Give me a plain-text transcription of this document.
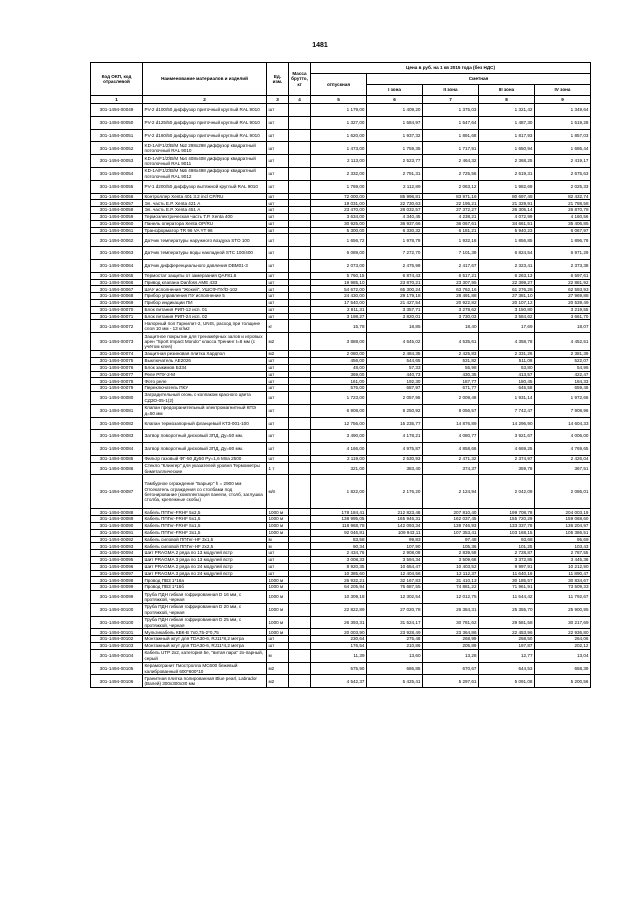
1481
Код ОКП, код отраслевой	Наименование материалов и изделий	Ед. изм.	Масса брутто, кг	Цена в руб. на 1 кв 2015 года (без НДС)				
				отпускная	Сметная			
					I зона	II зона	III зона	IV зона
1	2	3	4	5	6	7	8	9
301-1494-00049	PV-2 d100/50 диффузор приточный круглый RAL 9010	шт		1 179,00	1 409,20	1 375,03	1 321,42	1 349,64
301-1494-00050	PV-2 d125/50 диффузор приточный круглый RAL 9010	шт		1 327,00	1 584,97	1 547,64	1 487,30	1 519,28
301-1494-00051	PV-2 d160/50 диффузор приточный круглый RAL 9010	шт		1 620,00	1 937,32	1 891,68	1 817,93	1 857,03
301-1494-00052	KD-1A/F1/Z/B/M №2 298х298 диффузор квадратный потолочный RAL 9010	шт		1 473,00	1 759,35	1 717,91	1 650,94	1 686,44
301-1494-00053	KD-1A/F1/Z/B/M №4 408х408 диффузор квадратный потолочный RAL 9011	шт		2 113,00	2 523,77	2 464,32	2 368,25	2 419,17
301-1494-00054	KD-1A/F1/Z/B/M №5 498х498 диффузор квадратный потолочный RAL 9012	шт		2 332,00	2 791,31	2 725,56	2 619,31	2 675,63
301-1494-00055	PV-1 d200/50 диффузор вытяжной круглый RAL 9010	шт		1 769,00	2 112,89	2 063,12	1 982,69	2 025,33
301-1494-00056	Контроллер Xenta 401 3.2 incl CP/RU	шт		72 000,00	85 996,81	83 971,16	80 697,48	82 432,74
301-1494-00057	Эл. часть Е.Р. Xenta 421 А	шт		19 031,00	22 730,63	22 195,21	21 329,91	21 788,58
301-1494-00058	Эл. часть Е.Р. Xenta 451 А	шт		23 470,00	28 032,57	27 372,27	26 305,14	26 870,78
301-1494-00059	Термоэлектрическая часть Т.Р. Xenta 400	шт		3 634,00	4 340,45	4 238,21	4 072,99	4 160,56
301-1494-00060	Панель оператора Xenta OP/RU	шт		30 925,00	36 937,66	36 067,61	34 661,51	35 406,85
301-1494-00061	Трансформатор TR 96 VA YT 96	шт		5 300,00	6 330,32	6 181,21	5 940,23	6 067,97
301-1494-00062	Датчик температуры наружного воздуха STO 100	шт		1 656,72	1 978,79	1 932,18	1 856,85	1 896,78
301-1494-00063	Датчик температуры воды накладной STC 100/400	шт		6 089,00	7 272,70	7 101,39	6 824,54	6 971,29
301-1494-00064	Датчик дифференциального давления DBM01-3	шт		2 073,00	2 475,99	2 417,67	2 323,41	2 373,38
301-1494-00065	Термостат защиты от замерзания QAF81.6	шт		5 760,15	6 874,43	6 517,21	6 263,13	6 597,61
301-1494-00066	Привод клапана Danfoss AME 433	шт		19 985,10	23 870,21	23 307,95	22 399,27	22 881,92
301-1494-00067	ШАУ исполнения "Жокей", УШСФ-ПУ/D-102	шт		54 672,00	65 300,24	63 762,16	61 276,28	62 593,93
301-1494-00068	Прибор управления ПУ исполнение 5	шт		24 430,00	29 179,18	28 491,88	27 381,10	27 969,88
301-1494-00069	Прибор индикации ПИ	шт		17 540,00	21 427,54	20 922,82	20 107,12	20 539,49
301-1494-00070	Блок питания РИП-12 исп. 01	шт		2 811,31	3 357,71	3 278,62	3 150,80	3 219,55
301-1494-00071	Блок питания РИП-24 исп. 02	шт		3 198,27	3 820,01	3 730,03	3 584,62	3 661,70
301-1494-00072	Напорный пол Гарнилит-2, UNIS, расход при толщине слоя 10 мм - 13 кг/м2	кг		15,78	18,85	18,40	17,69	18,07
301-1494-00073	Защитное покрытие для тренажёрных залов и игровых арен "Sport Impact Mondo" класса Тренинг t=8 мм (с учётом клея)	м2		3 888,00	4 645,02	4 535,61	4 358,78	4 452,51
301-1494-00074	Защитная резиновая плитка Хардпол	м2		2 080,00	2 484,35	2 425,83	2 331,26	2 381,39
301-1494-00075	Выключатель АЕ2026	шт		456,00	544,65	531,82	511,08	522,07
301-1494-00076	Блок зажимов Б334	шт		48,00	57,33	55,98	53,80	54,96
301-1494-00077	Реле РПУ-2-М	шт		369,00	440,73	430,35	413,57	422,47
301-1494-00078	Фото реле	шт		161,00	192,30	187,77	180,45	184,33
301-1494-00079	Переключатель ПКУ	шт		576,00	687,97	671,77	645,58	659,46
301-1494-00080	Заградительный огонь с колпаком красного цвета СДЗО-05-1(2)	шт		1 723,00	2 057,95	2 009,48	1 931,14	1 972,66
301-1494-00081	Клапан предохранительный электромагнитный КПЭ д=50 мм	шт		6 908,00	8 250,92	8 056,57	7 742,47	7 908,96
301-1494-00082	Клапан термозапорный фланцевый КТЗ-001-100	шт		12 756,00	15 235,77	14 876,89	14 296,90	14 604,33
301-1494-00083	Затвор поворотный дисковый ЗПД, Ду=50 мм.	шт		3 490,00	4 178,21	4 080,77	3 921,67	4 006,00
301-1494-00084	Затвор поворотный дисковый ЗПД, Ду=80 мм.	шт		4 166,00	4 975,87	4 858,66	4 669,25	4 769,65
301-1494-00085	Фильтр газовый ФГ-50 Ду50 Ру=1,6 Мпа 2500	шт		2 119,00	2 530,93	2 471,32	2 374,97	2 426,04
301-1494-00086	Стекло "Клингер" для указателей уровня Термометры биметаллические	1 т		321,00	383,40	374,37	359,78	367,51
301-1494-00087	Тамбурное ограждение "Барьер" h = 2900 мм Отсекатель ограждения со столбами под бетонирование (комплектация панели, столб, заглушка столба, крепежные скобы)	м/п		1 822,00	2 176,20	2 124,94	2 042,09	2 086,01
301-1494-00088	Кабель ППГнг-FRHF 5х2,5	1000 м		178 184,41	212 823,48	207 810,40	199 708,78	204 003,19
301-1494-00089	Кабель ППГнг-FRHF 5х1,5	1000 м		138 995,05	165 946,31	162 037,45	155 720,29	159 068,60
301-1494-00090	Кабель ППГнг-FRHF 5х1,5	1000 м		118 968,78	142 093,34	138 746,93	133 337,78	136 204,97
301-1494-00091	Кабель ППГнг-FRHF 3х1,5	1000 м		92 046,81	109 943,11	107 353,41	103 168,15	105 386,51
301-1494-00092	Кабель силовой ППГнг-HF 3х1,5	м		83,58	99,83	97,48	93,68	95,69
301-1494-00093	Кабель силовой ППГнг-HF 2х2,5	м		90,34	107,90	105,36	101,25	103,43
301-1494-00094	Шит PRAGMA 2 ряда по 13 модулей встр	шт		2 434,76	2 908,08	2 839,58	2 728,87	2 787,55
301-1494-00095	Шит PRAGMA 3 ряда по 13 модулей встр	шт		3 008,33	3 594,34	3 509,68	3 372,85	3 445,38
301-1494-00096	Шит PRAGMA 2 ряда по 24 модулей встр	шт		8 920,35	10 654,47	10 403,52	9 997,91	10 212,90
301-1494-00097	Шит PRAGMA 3 ряда по 24 модулей встр	шт		10 385,60	12 404,56	12 112,37	11 640,16	11 890,47
301-1494-00098	Провод ПВ3 1*16а	1000 м		26 932,21	32 167,83	31 410,13	30 185,57	30 834,67
301-1494-00099	Провод ПВ3 1*16б	1000 м		64 205,94	76 687,55	74 881,22	71 961,91	73 509,33
301-1494-00099	Труба ПДН гибкая гофрированная D 16 мм, с протяжкой, черная	1000 м		10 309,18	12 302,54	12 012,75	11 544,42	11 792,67
301-1494-00100	Труба ПДН гибкая гофрированная D 20 мм, с протяжкой, черная	1000 м		22 822,89	27 020,78	26 384,31	25 355,70	25 900,95
301-1494-00100	Труба ПДН гибкая гофрированная D 25 мм, с протяжкой, черная	1000 м		26 393,31	31 524,17	30 781,62	29 581,58	30 217,69
301-1494-00101	Мультикабель КВК-В 7х0,75-2*0,75	1000 м		20 003,90	23 928,49	23 364,86	22 453,96	22 936,80
301-1494-00102	Монтажный жгут для TDA30-6, RJ11*8,2 метра	шт		230,64	275,48	268,99	258,50	264,06
301-1494-00103	Монтажный жгут для TDA30-6, RJ11*4,2 метра	шт		176,54	210,86	205,89	197,87	202,12
301-1494-00104	Кабель UTP 2х2, категория 5е, "витая пара" 2х-парный, серый	м		11,39	13,60	13,28	12,77	13,04
301-1494-00105	Керамогранит Гмостролла МС600 бежевый калиброванный 600*600*10	м2		575,90	686,85	670,67	644,53	658,39
301-1494-00106	Гранитная плитка полированная Blue pearl, Labrador (Валей) 300х300х30 мм	м2		4 542,37	5 425,41	5 297,61	5 091,08	5 200,56
